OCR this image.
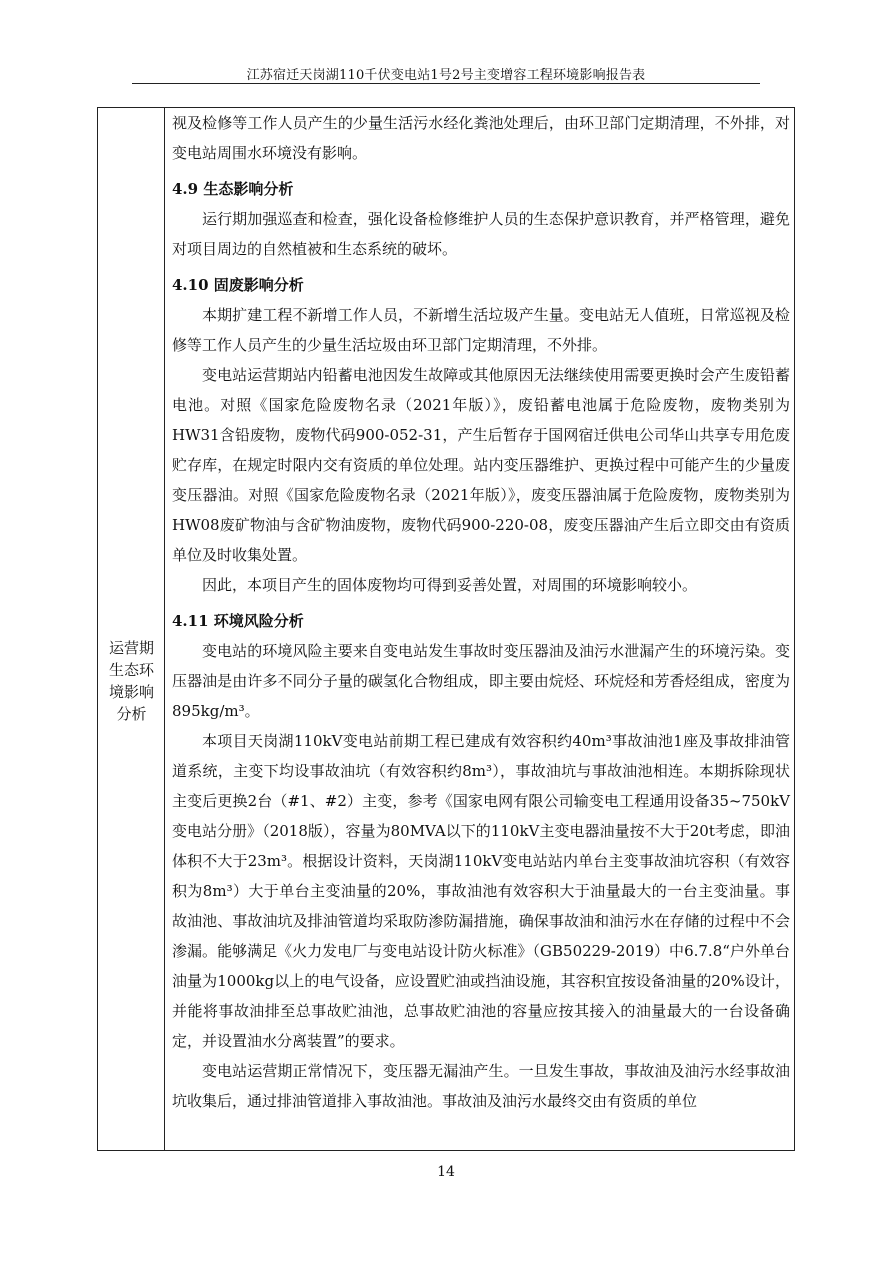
江苏宿迁天岗湖110千伏变电站1号2号主变增容工程环境影响报告表
运营期
生态环
境影响
分析

视及检修等工作人员产生的少量生活污水经化粪池处理后，由环卫部门定期清理，不外排，对变电站周围水环境没有影响。

4.9 生态影响分析

运行期加强巡查和检查，强化设备检修维护人员的生态保护意识教育，并严格管理，避免对项目周边的自然植被和生态系统的破坏。

4.10 固废影响分析

本期扩建工程不新增工作人员，不新增生活垃圾产生量。变电站无人值班，日常巡视及检修等工作人员产生的少量生活垃圾由环卫部门定期清理，不外排。

变电站运营期站内铅蓄电池因发生故障或其他原因无法继续使用需要更换时会产生废铅蓄电池。对照《国家危险废物名录（2021年版）》，废铅蓄电池属于危险废物，废物类别为HW31含铅废物，废物代码900-052-31，产生后暂存于国网宿迁供电公司华山共享专用危废贮存库，在规定时限内交有资质的单位处理。站内变压器维护、更换过程中可能产生的少量废变压器油。对照《国家危险废物名录（2021年版）》，废变压器油属于危险废物，废物类别为HW08废矿物油与含矿物油废物，废物代码900-220-08，废变压器油产生后立即交由有资质单位及时收集处置。

因此，本项目产生的固体废物均可得到妥善处置，对周围的环境影响较小。

4.11 环境风险分析

变电站的环境风险主要来自变电站发生事故时变压器油及油污水泄漏产生的环境污染。变压器油是由许多不同分子量的碳氢化合物组成，即主要由烷烃、环烷烃和芳香烃组成，密度为895kg/m³。

本项目天岗湖110kV变电站前期工程已建成有效容积约40m³事故油池1座及事故排油管道系统，主变下均设事故油坑（有效容积约8m³），事故油坑与事故油池相连。本期拆除现状主变后更换2台（#1、#2）主变，参考《国家电网有限公司输变电工程通用设备35~750kV变电站分册》（2018版），容量为80MVA以下的110kV主变电器油量按不大于20t考虑，即油体积不大于23m³。根据设计资料，天岗湖110kV变电站站内单台主变事故油坑容积（有效容积为8m³）大于单台主变油量的20%，事故油池有效容积大于油量最大的一台主变油量。事故油池、事故油坑及排油管道均采取防渗防漏措施，确保事故油和油污水在存储的过程中不会渗漏。能够满足《火力发电厂与变电站设计防火标准》（GB50229-2019）中6.7.8“户外单台油量为1000kg以上的电气设备，应设置贮油或挡油设施，其容积宜按设备油量的20%设计，并能将事故油排至总事故贮油池，总事故贮油池的容量应按其接入的油量最大的一台设备确定，并设置油水分离装置”的要求。

变电站运营期正常情况下，变压器无漏油产生。一旦发生事故，事故油及油污水经事故油坑收集后，通过排油管道排入事故油池。事故油及油污水最终交由有资质的单位

14
